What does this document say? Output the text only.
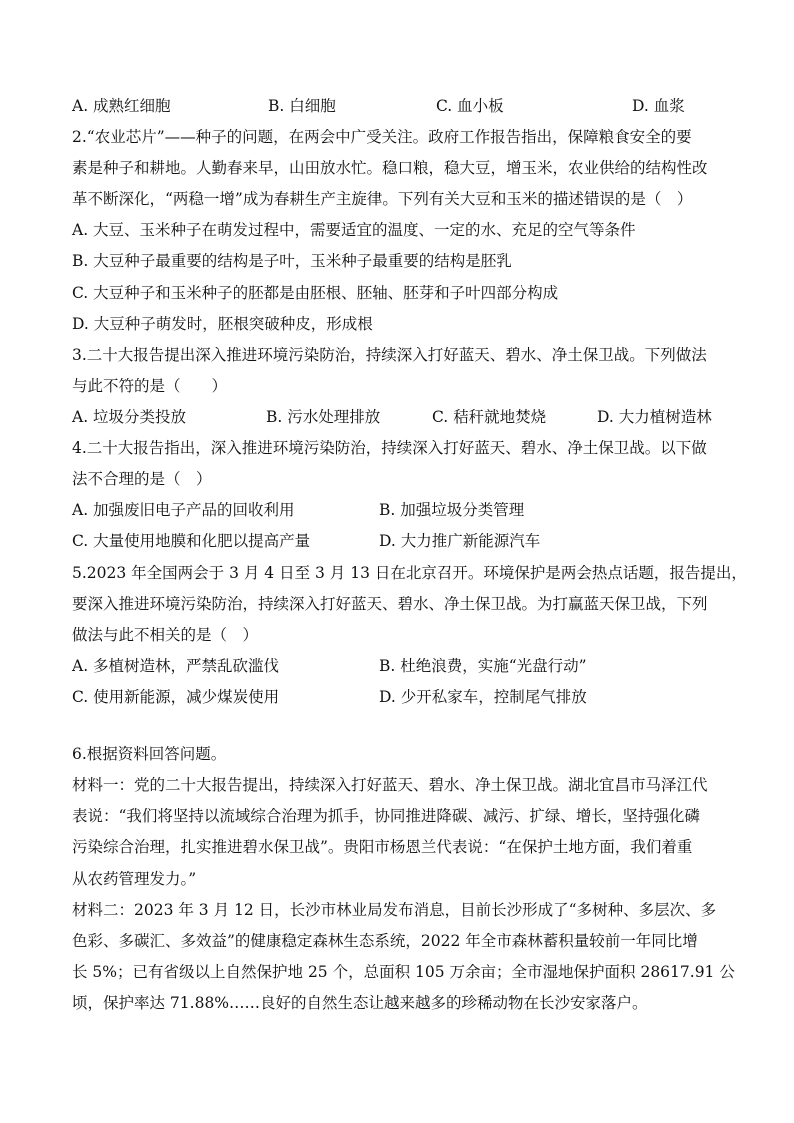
A. 成熟红细胞	B. 白细胞	C. 血小板	D. 血浆
2.“农业芯片”——种子的问题，在两会中广受关注。政府工作报告指出，保障粮食安全的要
素是种子和耕地。人勤春来早，山田放水忙。稳口粮，稳大豆，增玉米，农业供给的结构性改
革不断深化，“两稳一增”成为春耕生产主旋律。下列有关大豆和玉米的描述错误的是（　）
A. 大豆、玉米种子在萌发过程中，需要适宜的温度、一定的水、充足的空气等条件
B. 大豆种子最重要的结构是子叶，玉米种子最重要的结构是胚乳
C. 大豆种子和玉米种子的胚都是由胚根、胚轴、胚芽和子叶四部分构成
D. 大豆种子萌发时，胚根突破种皮，形成根
3.二十大报告提出深入推进环境污染防治，持续深入打好蓝天、碧水、净土保卫战。下列做法
与此不符的是（　　）
A. 垃圾分类投放	B. 污水处理排放	C. 秸秆就地焚烧	D. 大力植树造林
4.二十大报告指出，深入推进环境污染防治，持续深入打好蓝天、碧水、净土保卫战。以下做
法不合理的是（　）
A. 加强废旧电子产品的回收利用	B. 加强垃圾分类管理
C. 大量使用地膜和化肥以提高产量	D. 大力推广新能源汽车
5.2023 年全国两会于 3 月 4 日至 3 月 13 日在北京召开。环境保护是两会热点话题，报告提出，
要深入推进环境污染防治，持续深入打好蓝天、碧水、净土保卫战。为打赢蓝天保卫战，下列
做法与此不相关的是（　）
A. 多植树造林，严禁乱砍滥伐	B. 杜绝浪费，实施“光盘行动”
C. 使用新能源，减少煤炭使用	D. 少开私家车，控制尾气排放
6.根据资料回答问题。
材料一：党的二十大报告提出，持续深入打好蓝天、碧水、净土保卫战。湖北宜昌市马泽江代
表说：“我们将坚持以流域综合治理为抓手，协同推进降碳、减污、扩绿、增长，坚持强化磷
污染综合治理，扎实推进碧水保卫战”。贵阳市杨恩兰代表说：“在保护土地方面，我们着重
从农药管理发力。”
材料二：2023 年 3 月 12 日，长沙市林业局发布消息，目前长沙形成了“多树种、多层次、多
色彩、多碳汇、多效益”的健康稳定森林生态系统，2022 年全市森林蓄积量较前一年同比增
长 5%；已有省级以上自然保护地 25 个，总面积 105 万余亩；全市湿地保护面积 28617.91 公
顷，保护率达 71.88%……良好的自然生态让越来越多的珍稀动物在长沙安家落户。
